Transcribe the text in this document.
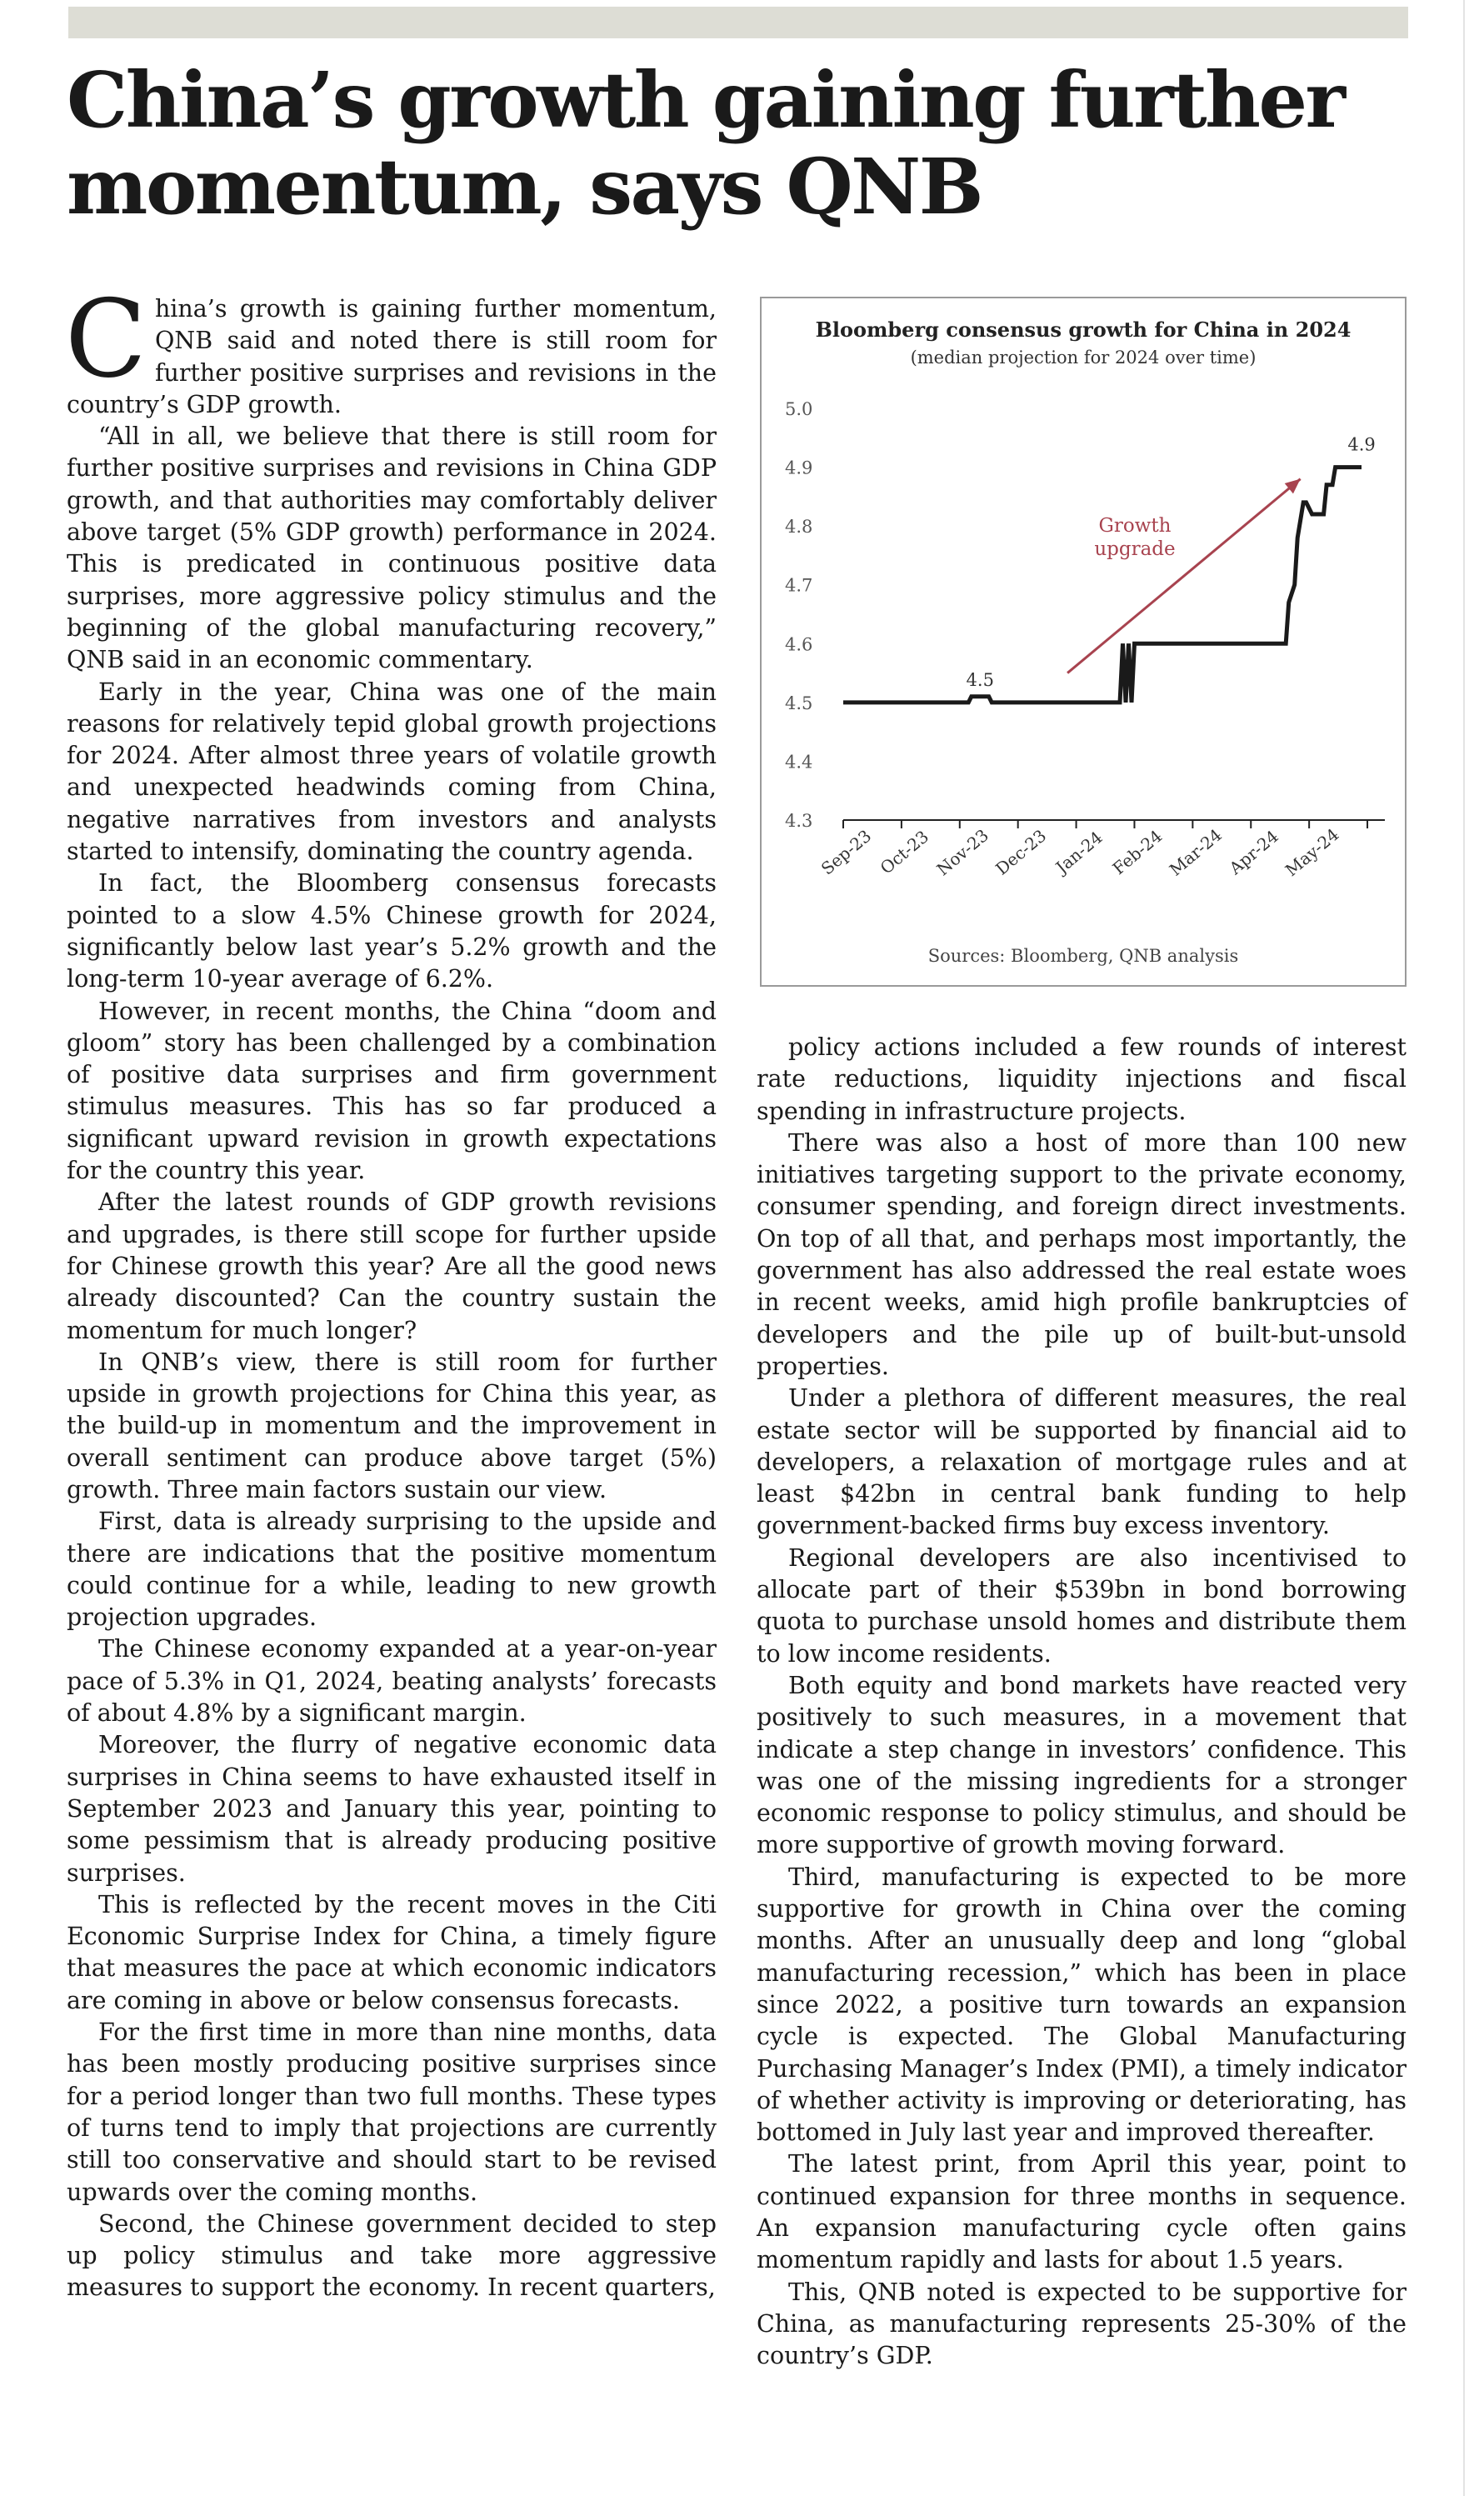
China’s growth gaining further momentum, says QNB

China’s growth is gaining further momentum, QNB said and noted there is still room for further positive surprises and revisions in the country’s GDP growth.

“All in all, we believe that there is still room for further positive surprises and revisions in China GDP growth, and that authorities may comfortably deliver above target (5% GDP growth) performance in 2024. This is predicated in continuous positive data surprises, more aggressive policy stimulus and the beginning of the global manufacturing recovery,” QNB said in an economic commentary.

Early in the year, China was one of the main reasons for relatively tepid global growth projections for 2024. After almost three years of volatile growth and unexpected headwinds coming from China, negative narratives from investors and analysts started to intensify, dominating the country agenda.

In fact, the Bloomberg consensus forecasts pointed to a slow 4.5% Chinese growth for 2024, significantly below last year’s 5.2% growth and the long-term 10-year average of 6.2%.

However, in recent months, the China “doom and gloom” story has been challenged by a combination of positive data surprises and firm government stimulus measures. This has so far produced a significant upward revision in growth expectations for the country this year.

After the latest rounds of GDP growth revisions and upgrades, is there still scope for further upside for Chinese growth this year? Are all the good news already discounted? Can the country sustain the momentum for much longer?

In QNB’s view, there is still room for further upside in growth projections for China this year, as the build-up in momentum and the improvement in overall sentiment can produce above target (5%) growth. Three main factors sustain our view.

First, data is already surprising to the upside and there are indications that the positive momentum could continue for a while, leading to new growth projection upgrades.

The Chinese economy expanded at a year-on-year pace of 5.3% in Q1, 2024, beating analysts’ forecasts of about 4.8% by a significant margin.

Moreover, the flurry of negative economic data surprises in China seems to have exhausted itself in September 2023 and January this year, pointing to some pessimism that is already producing positive surprises.

This is reflected by the recent moves in the Citi Economic Surprise Index for China, a timely figure that measures the pace at which economic indicators are coming in above or below consensus forecasts.

For the first time in more than nine months, data has been mostly producing positive surprises since for a period longer than two full months. These types of turns tend to imply that projections are currently still too conservative and should start to be revised upwards over the coming months.

Second, the Chinese government decided to step up policy stimulus and take more aggressive measures to support the economy. In recent quarters,

Bloomberg consensus growth for China in 2024
(median projection for 2024 over time)
5.0
4.9
4.8
4.7
4.6
4.5
4.4
4.3
Sep-23 Oct-23 Nov-23 Dec-23 Jan-24 Feb-24 Mar-24 Apr-24
May-24
4.5
4.9
Growth
upgrade
Sources: Bloomberg, QNB analysis

policy actions included a few rounds of interest rate reductions, liquidity injections and fiscal spending in infrastructure projects.

There was also a host of more than 100 new initiatives targeting support to the private economy, consumer spending, and foreign direct investments. On top of all that, and perhaps most importantly, the government has also addressed the real estate woes in recent weeks, amid high profile bankruptcies of developers and the pile up of built-but-unsold properties.

Under a plethora of different measures, the real estate sector will be supported by financial aid to developers, a relaxation of mortgage rules and at least $42bn in central bank funding to help government-backed firms buy excess inventory.

Regional developers are also incentivised to allocate part of their $539bn in bond borrowing quota to purchase unsold homes and distribute them to low income residents.

Both equity and bond markets have reacted very positively to such measures, in a movement that indicate a step change in investors’ confidence. This was one of the missing ingredients for a stronger economic response to policy stimulus, and should be more supportive of growth moving forward.

Third, manufacturing is expected to be more supportive for growth in China over the coming months. After an unusually deep and long “global manufacturing recession,” which has been in place since 2022, a positive turn towards an expansion cycle is expected. The Global Manufacturing Purchasing Manager’s Index (PMI), a timely indicator of whether activity is improving or deteriorating, has bottomed in July last year and improved thereafter.

The latest print, from April this year, point to continued expansion for three months in sequence. An expansion manufacturing cycle often gains momentum rapidly and lasts for about 1.5 years.

This, QNB noted is expected to be supportive for China, as manufacturing represents 25-30% of the country’s GDP.
